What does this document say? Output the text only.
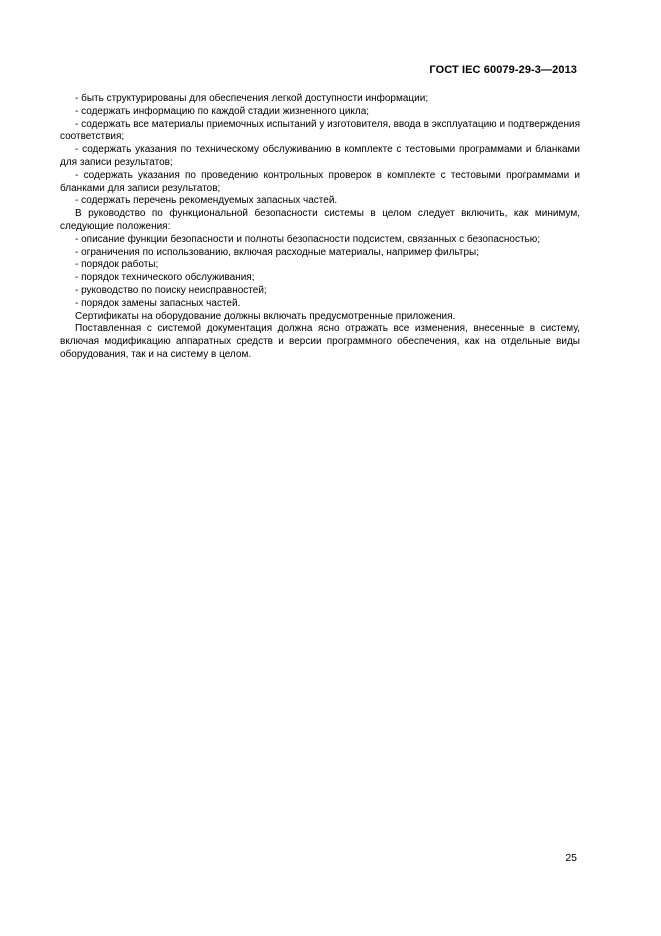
ГОСТ IEC 60079-29-3—2013

- быть структурированы для обеспечения легкой доступности информации;

- содержать информацию по каждой стадии жизненного цикла;

- содержать все материалы приемочных испытаний у изготовителя, ввода в эксплуатацию и подтверждения соответствия;

- содержать указания по техническому обслуживанию в комплекте с тестовыми программами и бланками для записи результатов;

- содержать указания по проведению контрольных проверок в комплекте с тестовыми программами и бланками для записи результатов;

- содержать перечень рекомендуемых запасных частей.

В руководство по функциональной безопасности системы в целом следует включить, как минимум, следующие положения:

- описание функции безопасности и полноты безопасности подсистем, связанных с безопасностью;

- ограничения по использованию, включая расходные материалы, например фильтры;

- порядок работы;

- порядок технического обслуживания;

- руководство по поиску неисправностей;

- порядок замены запасных частей.

Сертификаты на оборудование должны включать предусмотренные приложения.

Поставленная с системой документация должна ясно отражать все изменения, внесенные в систему, включая модификацию аппаратных средств и версии программного обеспечения, как на отдельные виды оборудования, так и на систему в целом.

25
